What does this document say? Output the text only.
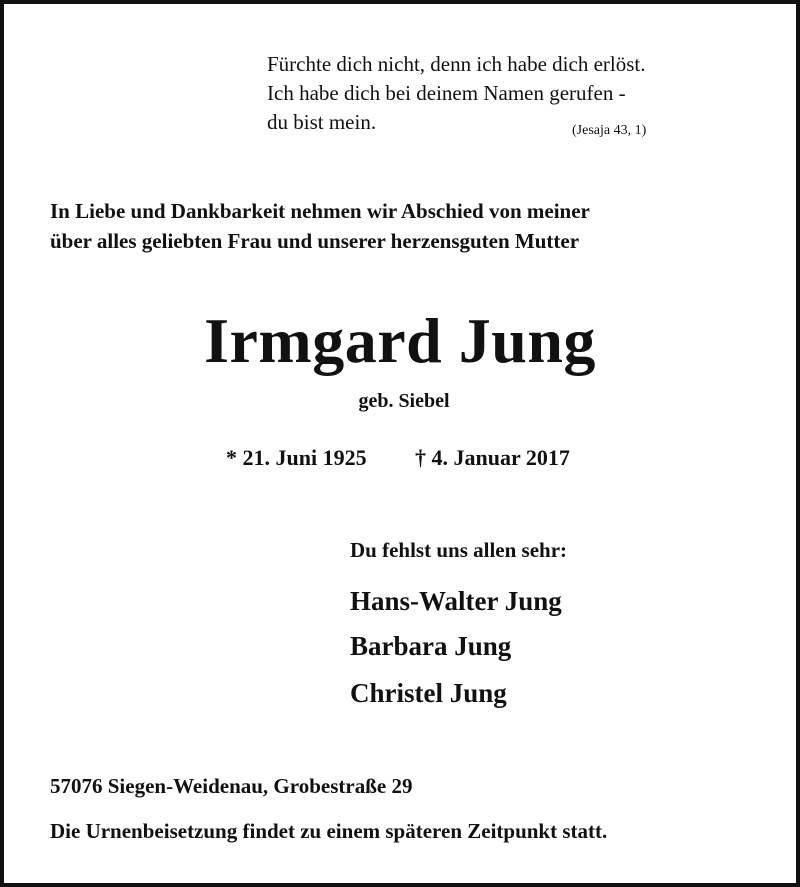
Fürchte dich nicht, denn ich habe dich erlöst.
Ich habe dich bei deinem Namen gerufen -
du bist mein.	(Jesaja 43, 1)
In Liebe und Dankbarkeit nehmen wir Abschied von meiner
über alles geliebten Frau und unserer herzensguten Mutter
Irmgard Jung
geb. Siebel
* 21. Juni 1925 † 4. Januar 2017
Du fehlst uns allen sehr:
Hans-Walter Jung
Barbara Jung
Christel Jung
57076 Siegen-Weidenau, Grobestraße 29
Die Urnenbeisetzung findet zu einem späteren Zeitpunkt statt.
